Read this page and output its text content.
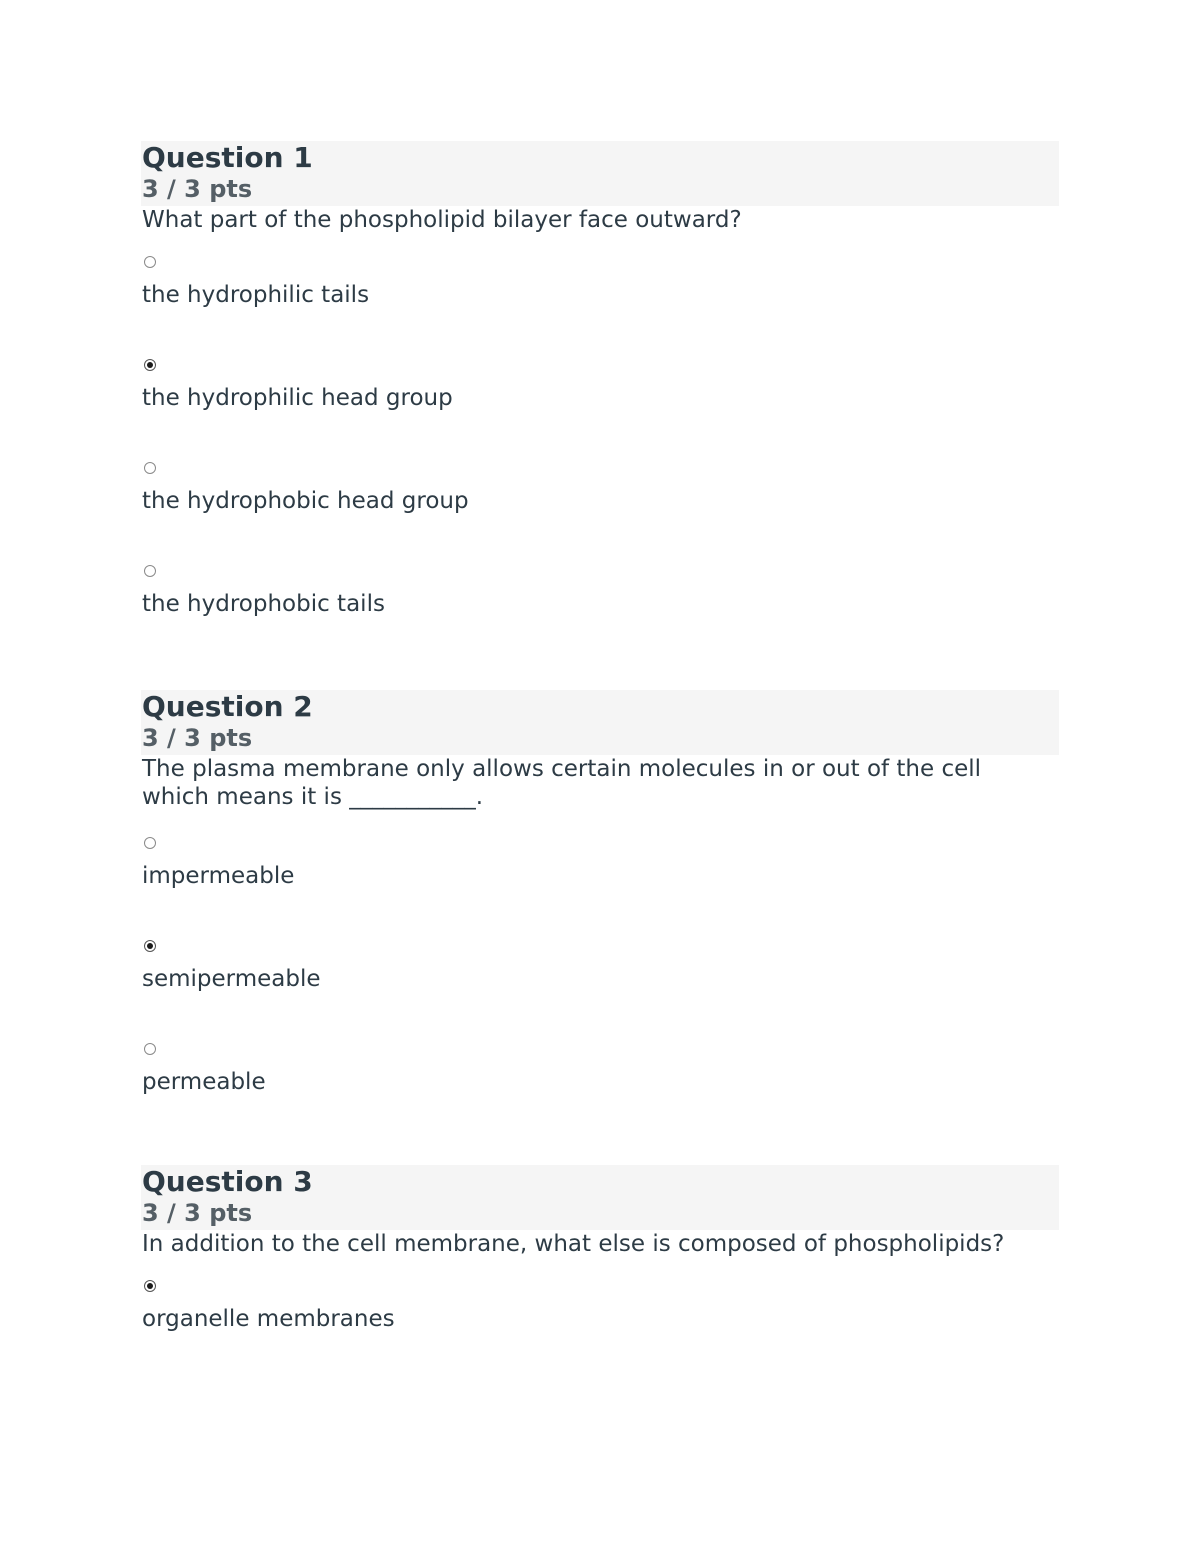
Question 1
3 / 3 pts
What part of the phospholipid bilayer face outward?
the hydrophilic tails
the hydrophilic head group
the hydrophobic head group
the hydrophobic tails
Question 2
3 / 3 pts
The plasma membrane only allows certain molecules in or out of the cell
which means it is ___________.
impermeable
semipermeable
permeable
Question 3
3 / 3 pts
In addition to the cell membrane, what else is composed of phospholipids?
organelle membranes
